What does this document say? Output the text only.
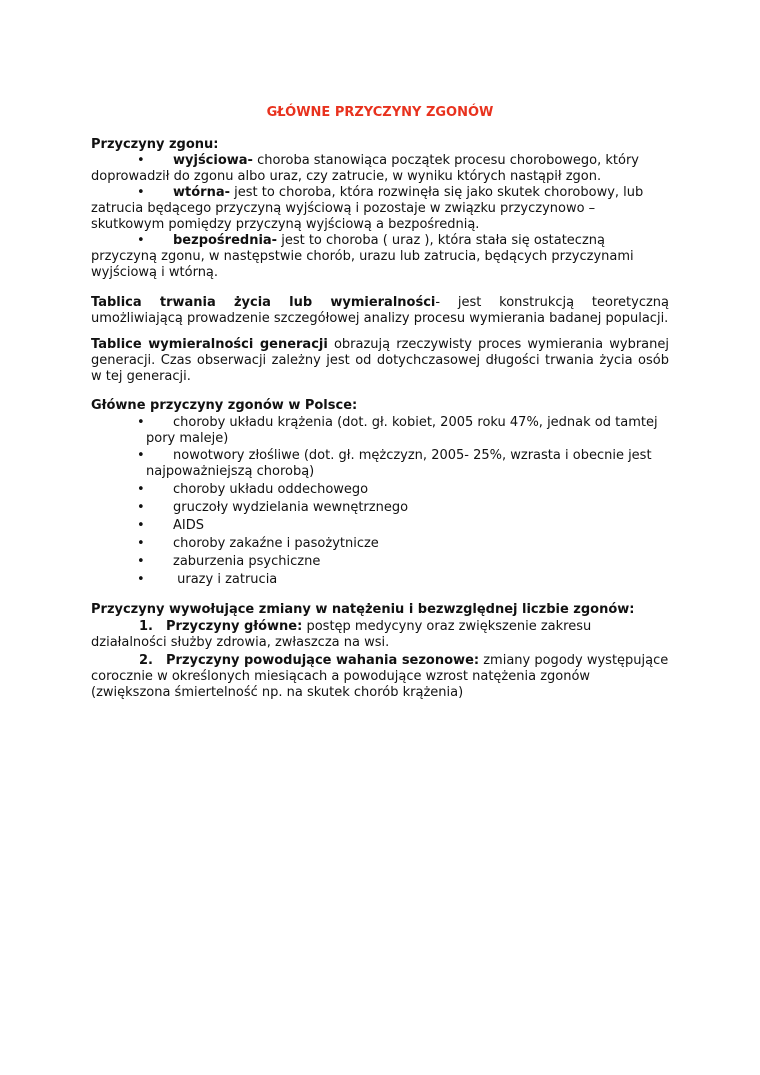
GŁÓWNE PRZYCZYNY ZGONÓW
Przyczyny zgonu:
•	wyjściowa- choroba stanowiąca początek procesu chorobowego, który doprowadził do zgonu albo uraz, czy zatrucie, w wyniku których nastąpił zgon.
•	wtórna- jest to choroba, która rozwinęła się jako skutek chorobowy, lub zatrucia będącego przyczyną wyjściową i pozostaje w związku przyczynowo – skutkowym pomiędzy przyczyną wyjściową a bezpośrednią.
•	bezpośrednia- jest to choroba ( uraz ), która stała się ostateczną przyczyną zgonu, w następstwie chorób, urazu lub zatrucia, będących przyczynami wyjściową i wtórną.
Tablica trwania życia lub wymieralności- jest konstrukcją teoretyczną umożliwiającą prowadzenie szczegółowej analizy procesu wymierania badanej populacji.
Tablice wymieralności generacji obrazują rzeczywisty proces wymierania wybranej generacji. Czas obserwacji zależny jest od dotychczasowej długości trwania życia osób w tej generacji.
Główne przyczyny zgonów w Polsce:
•	choroby układu krążenia (dot. gł. kobiet, 2005 roku 47%, jednak od tamtej
pory maleje)
•	nowotwory złośliwe (dot. gł. mężczyzn, 2005- 25%, wzrasta i obecnie jest
najpoważniejszą chorobą)
•	choroby układu oddechowego
•	gruczoły wydzielania wewnętrznego
•	AIDS
•	choroby zakaźne i pasożytnicze
•	zaburzenia psychiczne
•	urazy i zatrucia
Przyczyny wywołujące zmiany w natężeniu i bezwzględnej liczbie zgonów:
1.	Przyczyny główne: postęp medycyny oraz zwiększenie zakresu działalności służby zdrowia, zwłaszcza na wsi.
2.	Przyczyny powodujące wahania sezonowe: zmiany pogody występujące corocznie w określonych miesiącach a powodujące wzrost natężenia zgonów (zwiększona śmiertelność np. na skutek chorób krążenia)
